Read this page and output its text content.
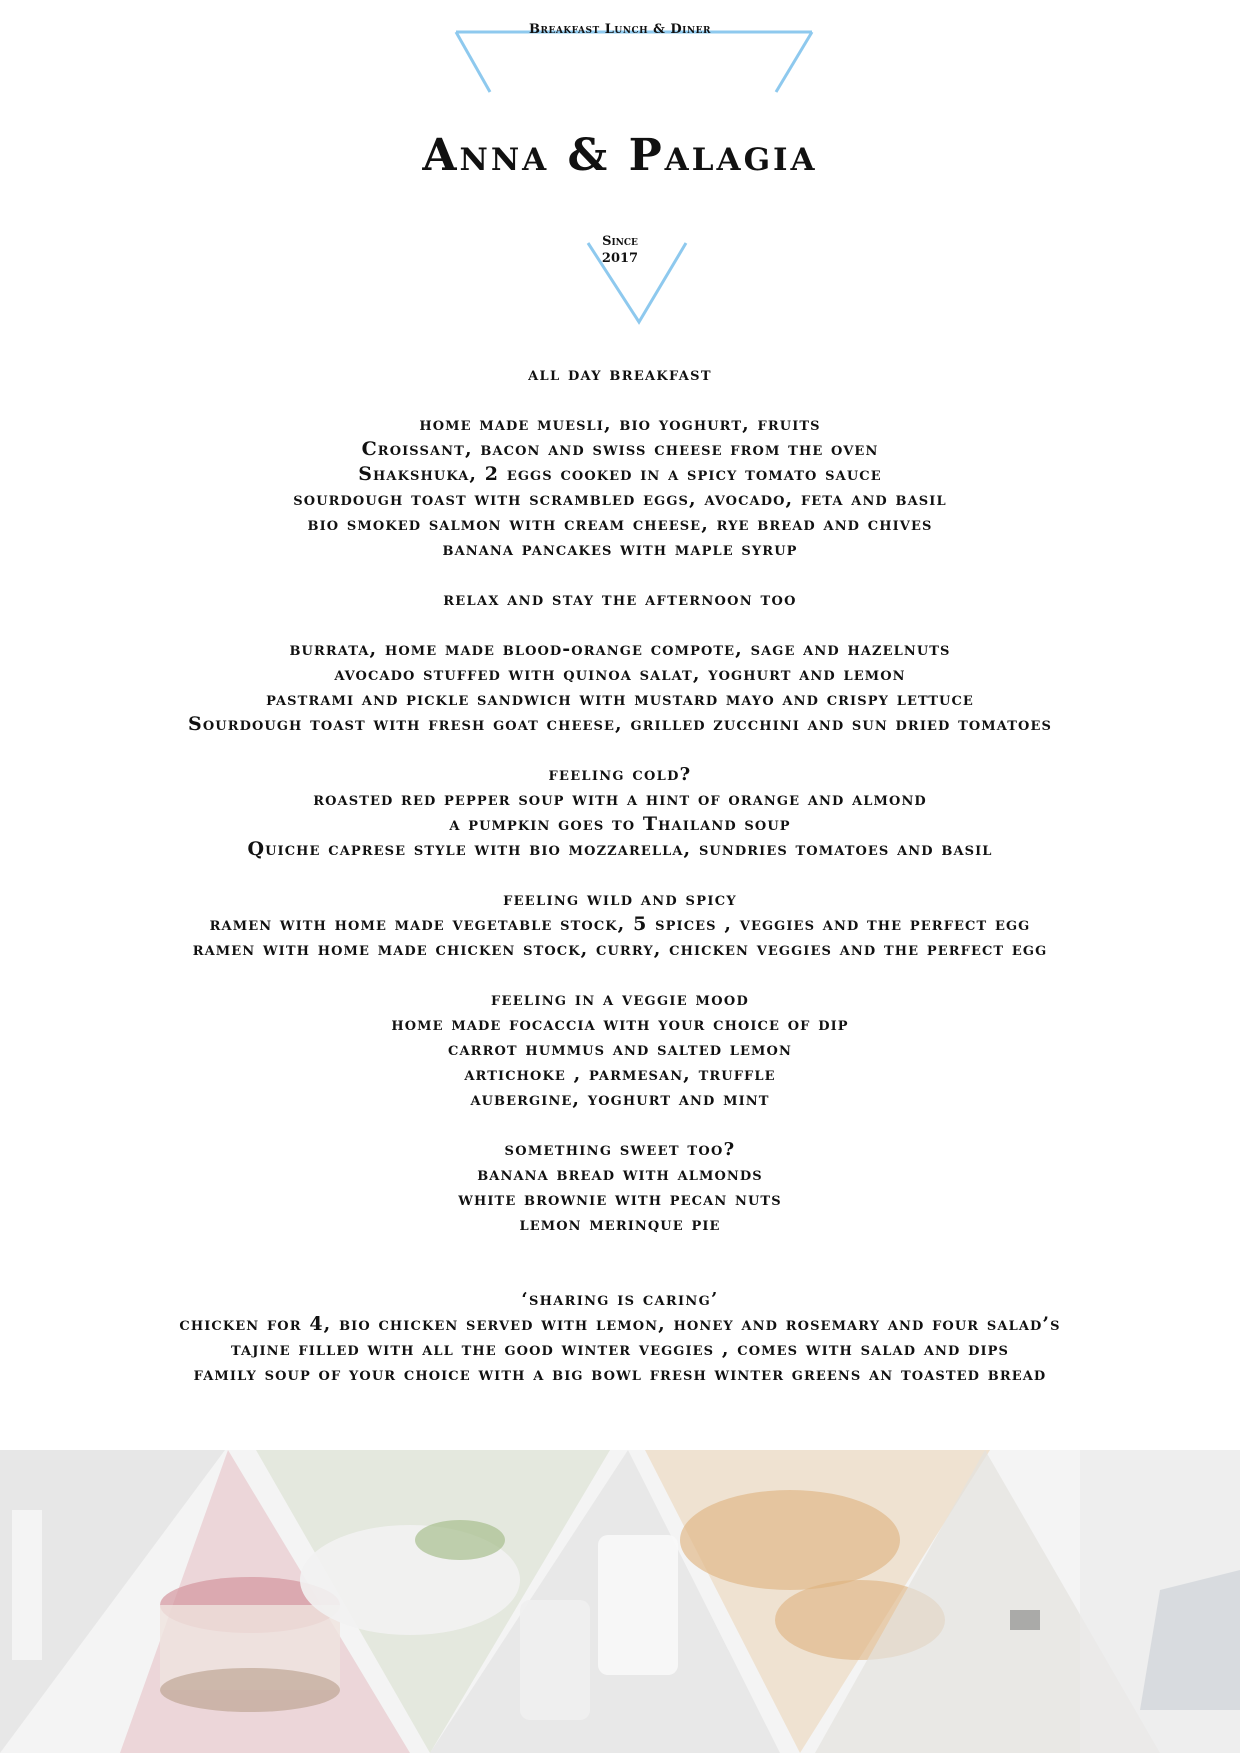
Breakfast Lunch & Diner
Anna & Palagia
Since
2017
all day breakfast
home made muesli, bio yoghurt, fruits
Croissant, bacon and swiss cheese from the oven
Shakshuka, 2 eggs cooked in a spicy tomato sauce
sourdough toast with scrambled eggs, avocado, feta and basil
bio smoked salmon with cream cheese, rye bread and chives
banana pancakes with maple syrup
relax and stay the afternoon too
burrata, home made blood-orange compote, sage and hazelnuts
avocado stuffed with quinoa salat, yoghurt and lemon
pastrami and pickle sandwich with mustard mayo and crispy lettuce
Sourdough toast with fresh goat cheese, grilled zucchini and sun dried tomatoes
feeling cold?
roasted red pepper soup with a hint of orange and almond
a pumpkin goes to Thailand soup
Quiche caprese style with bio mozzarella, sundries tomatoes and basil
feeling wild and spicy
ramen with home made vegetable stock, 5 spices , veggies and the perfect egg
ramen with home made chicken stock, curry, chicken veggies and the perfect egg
feeling in a veggie mood
home made focaccia with your choice of dip
carrot hummus and salted lemon
artichoke , parmesan, truffle
aubergine, yoghurt and mint
something sweet too?
banana bread with almonds
white brownie with pecan nuts
lemon merinque pie
‘sharing is caring’
chicken for 4, bio chicken served with lemon, honey and rosemary and four salad’s
tajine filled with all the good winter veggies , comes with salad and dips
family soup of your choice with a big bowl fresh winter greens an toasted bread
